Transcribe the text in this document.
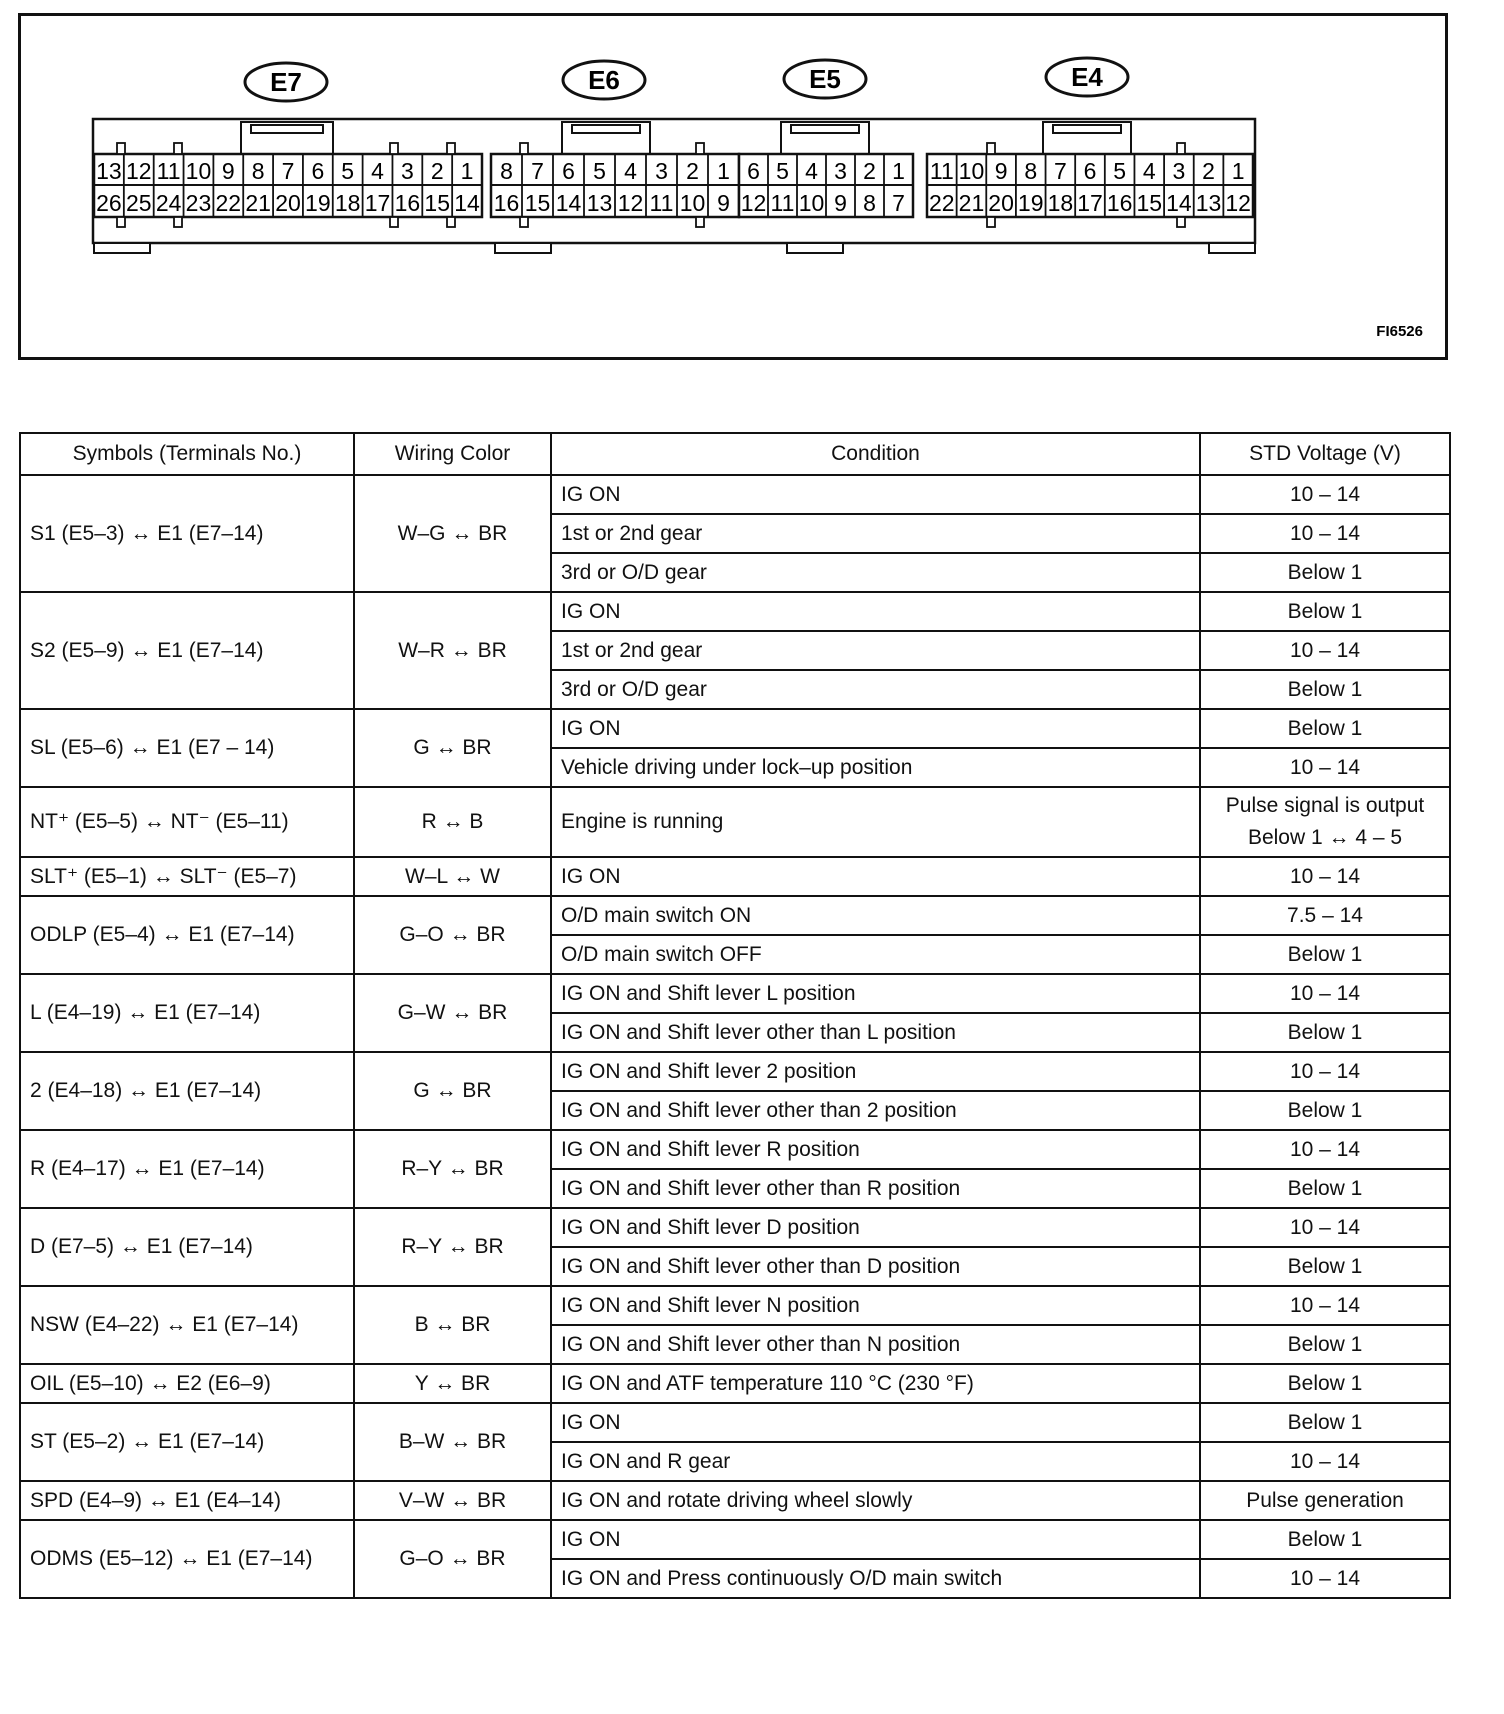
E7
13 12 11 10 9 8 7 6 5 4 3 2 1
26 25 24 23 22 21 20 19 18 17 16 15 14
E6
8 7 6 5 4 3 2 1
16 15 14 13 12 11 10 9
E5
6 5 4 3 2 1
12 11 10 9 8 7
E4
11 10 9 8 7 6 5 4 3 2 1
22 21 20 19 18 17 16 15 14 13 12
FI6526
Symbols (Terminals No.)	Wiring Color	Condition	STD Voltage (V)
S1 (E5–3) ↔ E1 (E7–14)	W–G ↔ BR	IG ON	10 – 14
		1st or 2nd gear	10 – 14
		3rd or O/D gear	Below 1
S2 (E5–9) ↔ E1 (E7–14)	W–R ↔ BR	IG ON	Below 1
		1st or 2nd gear	10 – 14
		3rd or O/D gear	Below 1
SL (E5–6) ↔ E1 (E7 – 14)	G ↔ BR	IG ON	Below 1
		Vehicle driving under lock–up position	10 – 14
NT⁺ (E5–5) ↔ NT⁻ (E5–11)	R ↔ B	Engine is running	Pulse signal is output
Below 1 ↔ 4 – 5

SLT⁺ (E5–1) ↔ SLT⁻ (E5–7)	W–L ↔ W	IG ON	10 – 14
ODLP (E5–4) ↔ E1 (E7–14)	G–O ↔ BR	O/D main switch ON	7.5 – 14
		O/D main switch OFF	Below 1
L (E4–19) ↔ E1 (E7–14)	G–W ↔ BR	IG ON and Shift lever L position	10 – 14
		IG ON and Shift lever other than L position	Below 1
2 (E4–18) ↔ E1 (E7–14)	G ↔ BR	IG ON and Shift lever 2 position	10 – 14
		IG ON and Shift lever other than 2 position	Below 1
R (E4–17) ↔ E1 (E7–14)	R–Y ↔ BR	IG ON and Shift lever R position	10 – 14
		IG ON and Shift lever other than R position	Below 1
D (E7–5) ↔ E1 (E7–14)	R–Y ↔ BR	IG ON and Shift lever D position	10 – 14
		IG ON and Shift lever other than D position	Below 1
NSW (E4–22) ↔ E1 (E7–14)	B ↔ BR	IG ON and Shift lever N position	10 – 14
		IG ON and Shift lever other than N position	Below 1
OIL (E5–10) ↔ E2 (E6–9)	Y ↔ BR	IG ON and ATF temperature 110 °C (230 °F)	Below 1
ST (E5–2) ↔ E1 (E7–14)	B–W ↔ BR	IG ON	Below 1
		IG ON and R gear	10 – 14
SPD (E4–9) ↔ E1 (E4–14)	V–W ↔ BR	IG ON and rotate driving wheel slowly	Pulse generation
ODMS (E5–12) ↔ E1 (E7–14)	G–O ↔ BR	IG ON	Below 1
		IG ON and Press continuously O/D main switch	10 – 14
